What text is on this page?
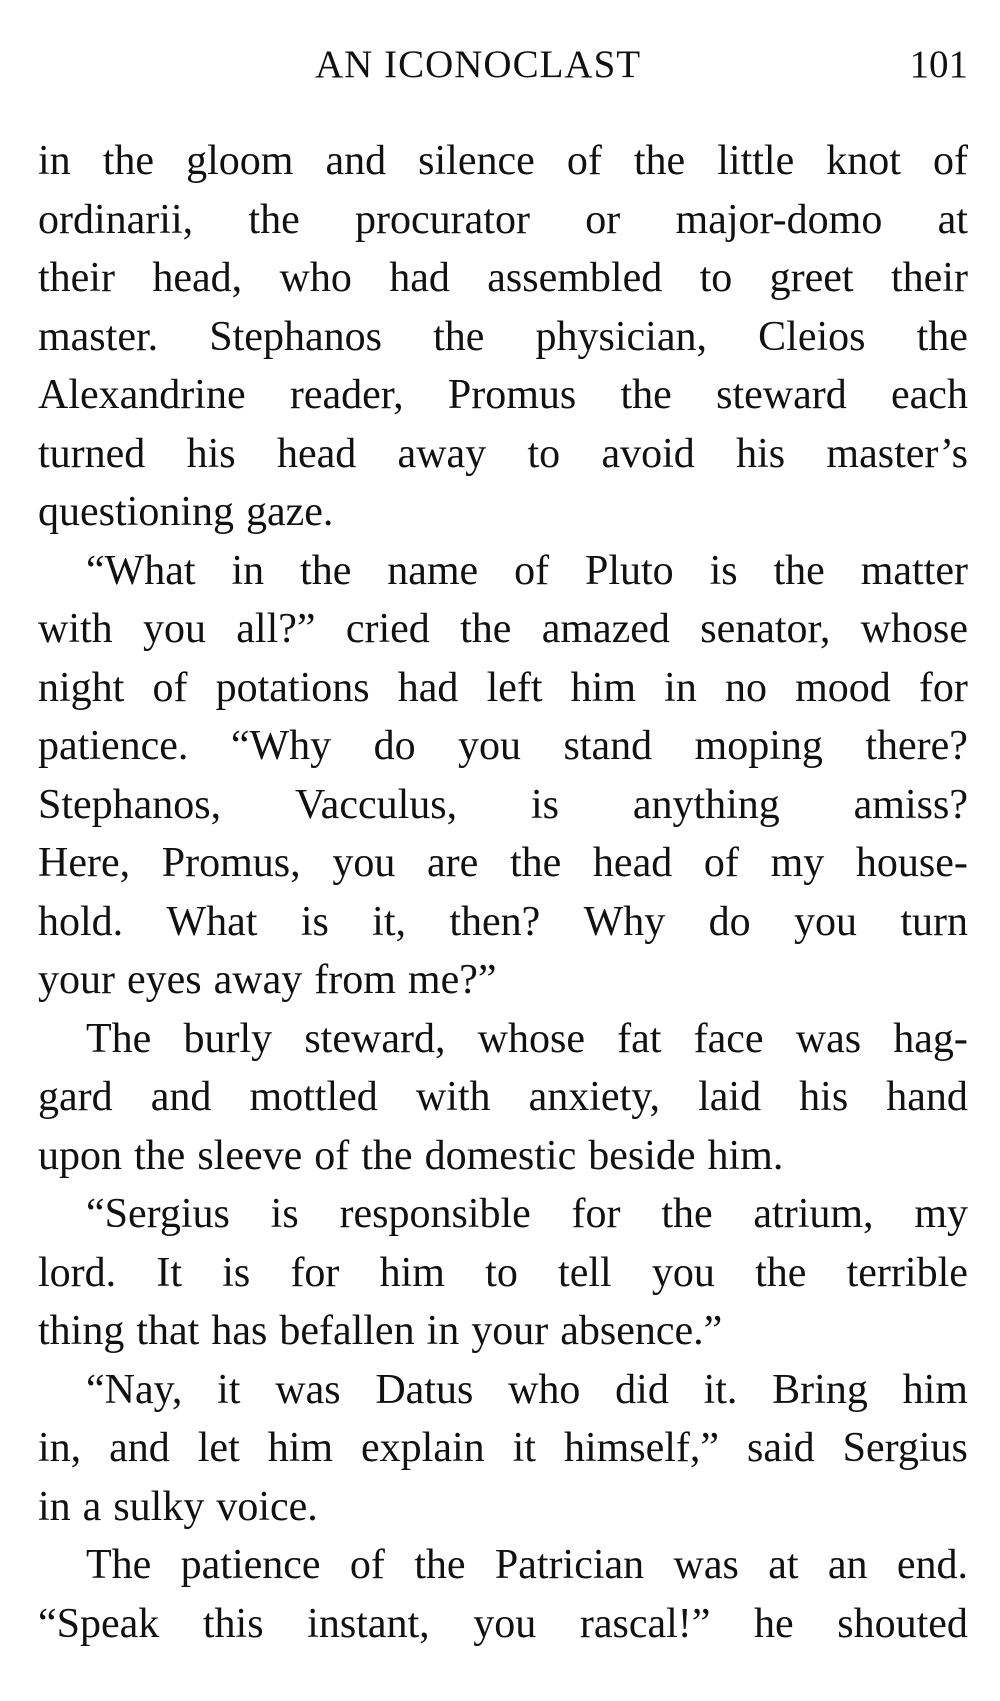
AN ICONOCLAST	101
in the gloom and silence of the little knot of
ordinarii, the procurator or major-domo at
their head, who had assembled to greet their
master. Stephanos the physician, Cleios the
Alexandrine reader, Promus the steward each
turned his head away to avoid his master’s
questioning gaze.
“What in the name of Pluto is the matter
with you all?” cried the amazed senator, whose
night of potations had left him in no mood for
patience. “Why do you stand moping there?
Stephanos, Vacculus, is anything amiss?
Here, Promus, you are the head of my house-
hold. What is it, then? Why do you turn
your eyes away from me?”
The burly steward, whose fat face was hag-
gard and mottled with anxiety, laid his hand
upon the sleeve of the domestic beside him.
“Sergius is responsible for the atrium, my
lord. It is for him to tell you the terrible
thing that has befallen in your absence.”
“Nay, it was Datus who did it. Bring him
in, and let him explain it himself,” said Sergius
in a sulky voice.
The patience of the Patrician was at an end.
“Speak this instant, you rascal!” he shouted
